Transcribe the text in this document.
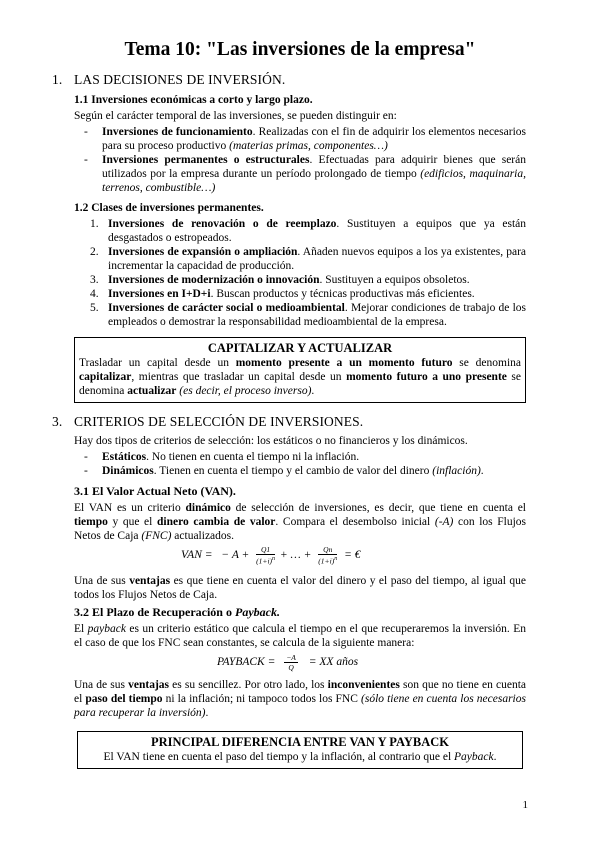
Tema 10: "Las inversiones de la empresa"
1. LAS DECISIONES DE INVERSIÓN.
1.1 Inversiones económicas a corto y largo plazo.
Según el carácter temporal de las inversiones, se pueden distinguir en:
- Inversiones de funcionamiento. Realizadas con el fin de adquirir los elementos necesarios para su proceso productivo (materias primas, componentes…)
- Inversiones permanentes o estructurales. Efectuadas para adquirir bienes que serán utilizados por la empresa durante un período prolongado de tiempo (edificios, maquinaria, terrenos, combustible…)
1.2 Clases de inversiones permanentes.
1. Inversiones de renovación o de reemplazo. Sustituyen a equipos que ya están desgastados o estropeados.
2. Inversiones de expansión o ampliación. Añaden nuevos equipos a los ya existentes, para incrementar la capacidad de producción.
3. Inversiones de modernización o innovación. Sustituyen a equipos obsoletos.
4. Inversiones en I+D+i. Buscan productos y técnicas productivas más eficientes.
5. Inversiones de carácter social o medioambiental. Mejorar condiciones de trabajo de los empleados o demostrar la responsabilidad medioambiental de la empresa.
CAPITALIZAR Y ACTUALIZAR

Trasladar un capital desde un momento presente a un momento futuro se denomina capitalizar, mientras que trasladar un capital desde un momento futuro a uno presente se denomina actualizar (es decir, el proceso inverso).

3. CRITERIOS DE SELECCIÓN DE INVERSIONES.
Hay dos tipos de criterios de selección: los estáticos o no financieros y los dinámicos.
- Estáticos. No tienen en cuenta el tiempo ni la inflación.
- Dinámicos. Tienen en cuenta el tiempo y el cambio de valor del dinero (inflación).
3.1 El Valor Actual Neto (VAN).

El VAN es un criterio dinámico de selección de inversiones, es decir, que tiene en cuenta el tiempo y que el dinero cambia de valor. Compara el desembolso inicial (-A) con los Flujos Netos de Caja (FNC) actualizados.

VAN = − $A + \frac{Q1}{(1+i)^n}$ + … + $\frac{Qn}{(1+i)^n}$ = €

Una de sus ventajas es que tiene en cuenta el valor del dinero y el paso del tiempo, al igual que todos los Flujos Netos de Caja.

3.2 El Plazo de Recuperación o Payback.

El payback es un criterio estático que calcula el tiempo en el que recuperaremos la inversión. En el caso de que los FNC sean constantes, se calcula de la siguiente manera:

PAYBACK = $\frac{-A}{Q}$ = XX años

Una de sus ventajas es su sencillez. Por otro lado, los inconvenientes son que no tiene en cuenta el paso del tiempo ni la inflación; ni tampoco todos los FNC (sólo tiene en cuenta los necesarios para recuperar la inversión).

PRINCIPAL DIFERENCIA ENTRE VAN Y PAYBACK
El VAN tiene en cuenta el paso del tiempo y la inflación, al contrario que el Payback.
1
